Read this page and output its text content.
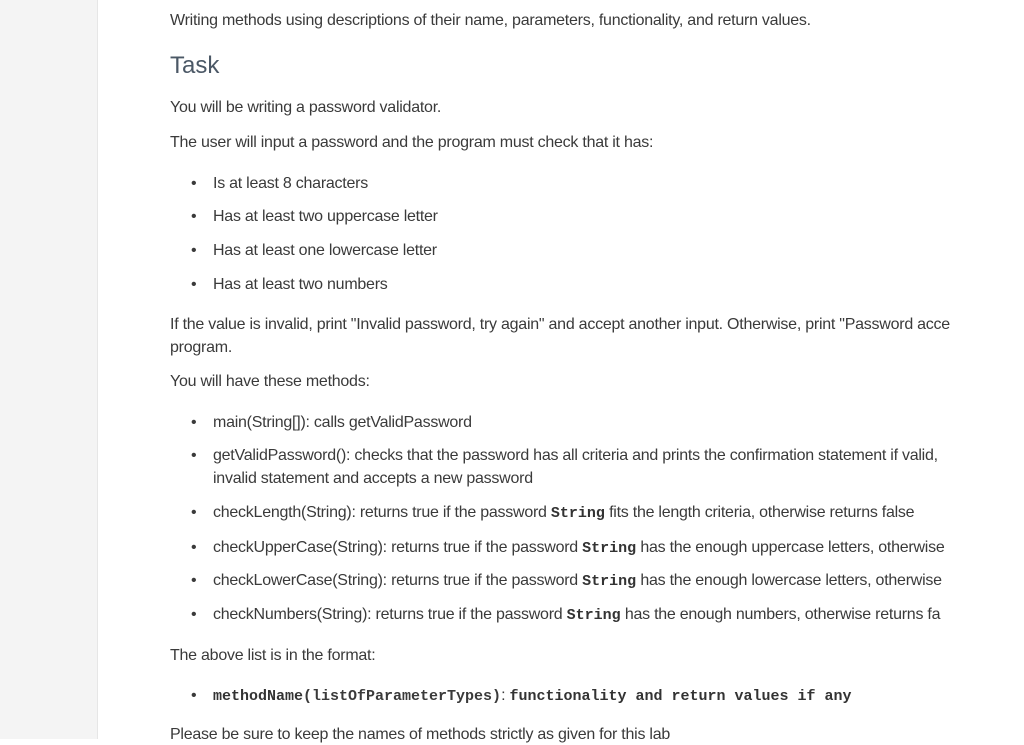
Writing methods using descriptions of their name, parameters, functionality, and return values.
Task
You will be writing a password validator.
The user will input a password and the program must check that it has:
• Is at least 8 characters
• Has at least two uppercase letter
• Has at least one lowercase letter
• Has at least two numbers
If the value is invalid, print "Invalid password, try again" and accept another input. Otherwise, print "Password acce
program.
You will have these methods:
• main(String[]): calls getValidPassword
• getValidPassword(): checks that the password has all criteria and prints the confirmation statement if valid,
invalid statement and accepts a new password
• checkLength(String): returns true if the password String fits the length criteria, otherwise returns false
• checkUpperCase(String): returns true if the password String has the enough uppercase letters, otherwise
• checkLowerCase(String): returns true if the password String has the enough lowercase letters, otherwise
• checkNumbers(String): returns true if the password String has the enough numbers, otherwise returns fa
The above list is in the format:
• methodName(listOfParameterTypes): functionality and return values if any
Please be sure to keep the names of methods strictly as given for this lab
